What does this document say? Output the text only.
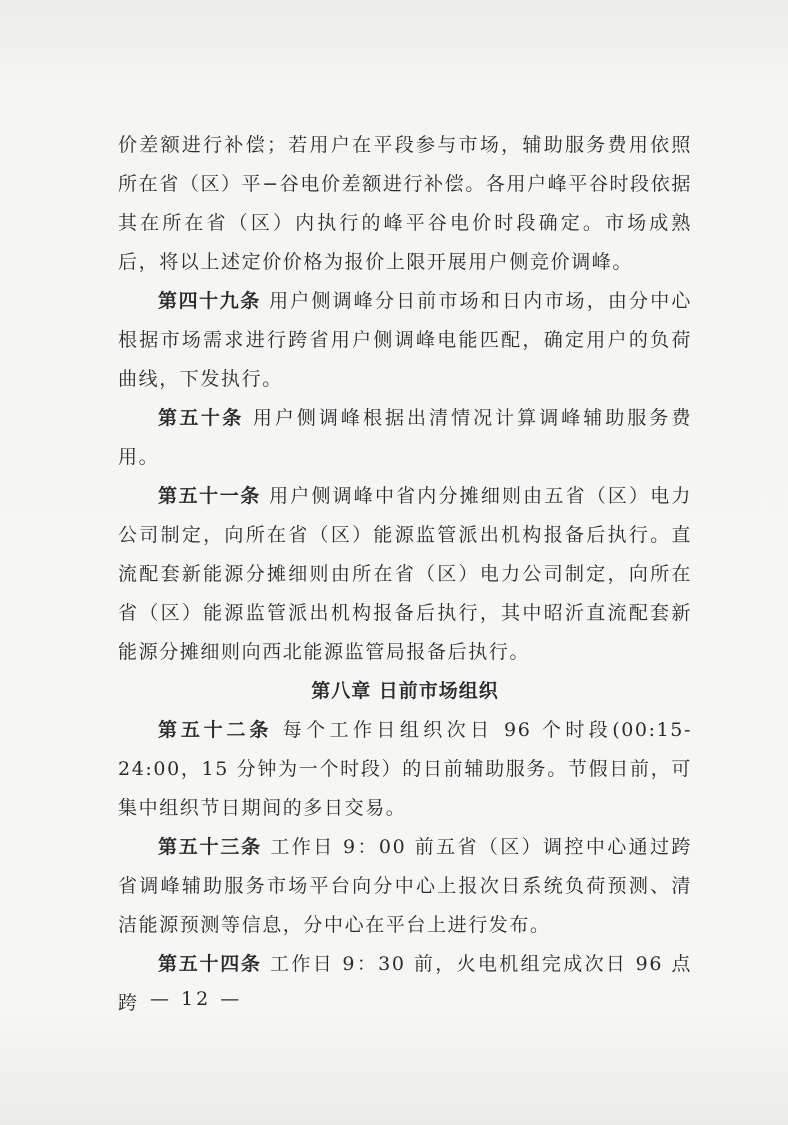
价差额进行补偿；若用户在平段参与市场，辅助服务费用依照所在省（区）平−谷电价差额进行补偿。各用户峰平谷时段依据其在所在省（区）内执行的峰平谷电价时段确定。市场成熟后，将以上述定价价格为报价上限开展用户侧竞价调峰。

第四十九条 用户侧调峰分日前市场和日内市场，由分中心根据市场需求进行跨省用户侧调峰电能匹配，确定用户的负荷曲线，下发执行。

第五十条 用户侧调峰根据出清情况计算调峰辅助服务费用。

第五十一条 用户侧调峰中省内分摊细则由五省（区）电力公司制定，向所在省（区）能源监管派出机构报备后执行。直流配套新能源分摊细则由所在省（区）电力公司制定，向所在省（区）能源监管派出机构报备后执行，其中昭沂直流配套新能源分摊细则向西北能源监管局报备后执行。

第八章 日前市场组织

第五十二条 每个工作日组织次日 96 个时段(00:15-24:00，15 分钟为一个时段）的日前辅助服务。节假日前，可集中组织节日期间的多日交易。

第五十三条 工作日 9：00 前五省（区）调控中心通过跨省调峰辅助服务市场平台向分中心上报次日系统负荷预测、清洁能源预测等信息，分中心在平台上进行发布。

第五十四条 工作日 9：30 前，火电机组完成次日 96 点跨 — 12 —
